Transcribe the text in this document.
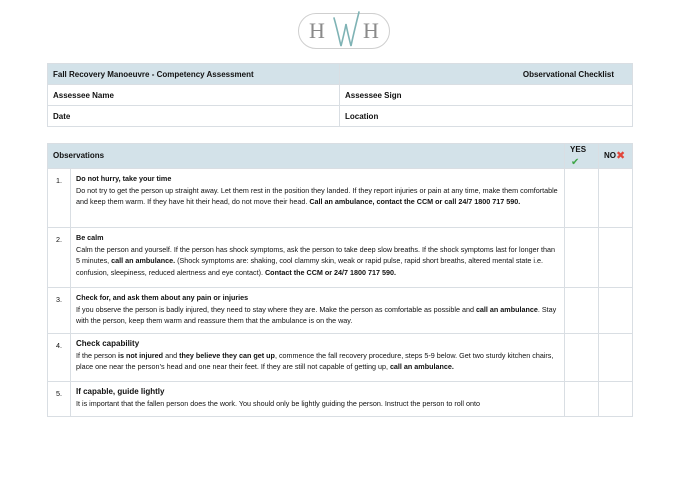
H H
Fall Recovery Manoeuvre - Competency Assessment	Observational Checklist
Assessee Name	Assessee Sign
Date	Location
Observations		YES✔	NO✖
1.	Do not hurry, take your time
Do not try to get the person up straight away. Let them rest in the position they landed. If they report injuries or pain at any time, make them comfortable and keep them warm. If they have hit their head, do not move their head. Call an ambulance, contact the CCM or call 24/7 1800 717 590.		
2.	Be calm
Calm the person and yourself. If the person has shock symptoms, ask the person to take deep slow breaths. If the shock symptoms last for longer than 5 minutes, call an ambulance. (Shock symptoms are: shaking, cool clammy skin, weak or rapid pulse, rapid short breaths, altered mental state i.e. confusion, sleepiness, reduced alertness and eye contact). Contact the CCM or 24/7 1800 717 590.		
3.	Check for, and ask them about any pain or injuries
If you observe the person is badly injured, they need to stay where they are. Make the person as comfortable as possible and call an ambulance. Stay with the person, keep them warm and reassure them that the ambulance is on the way.		
4.	Check capability
If the person is not injured and they believe they can get up, commence the fall recovery procedure, steps 5-9 below. Get two sturdy kitchen chairs, place one near the person’s head and one near their feet. If they are still not capable of getting up, call an ambulance.		
5.	If capable, guide lightly
It is important that the fallen person does the work. You should only be lightly guiding the person. Instruct the person to roll onto		
